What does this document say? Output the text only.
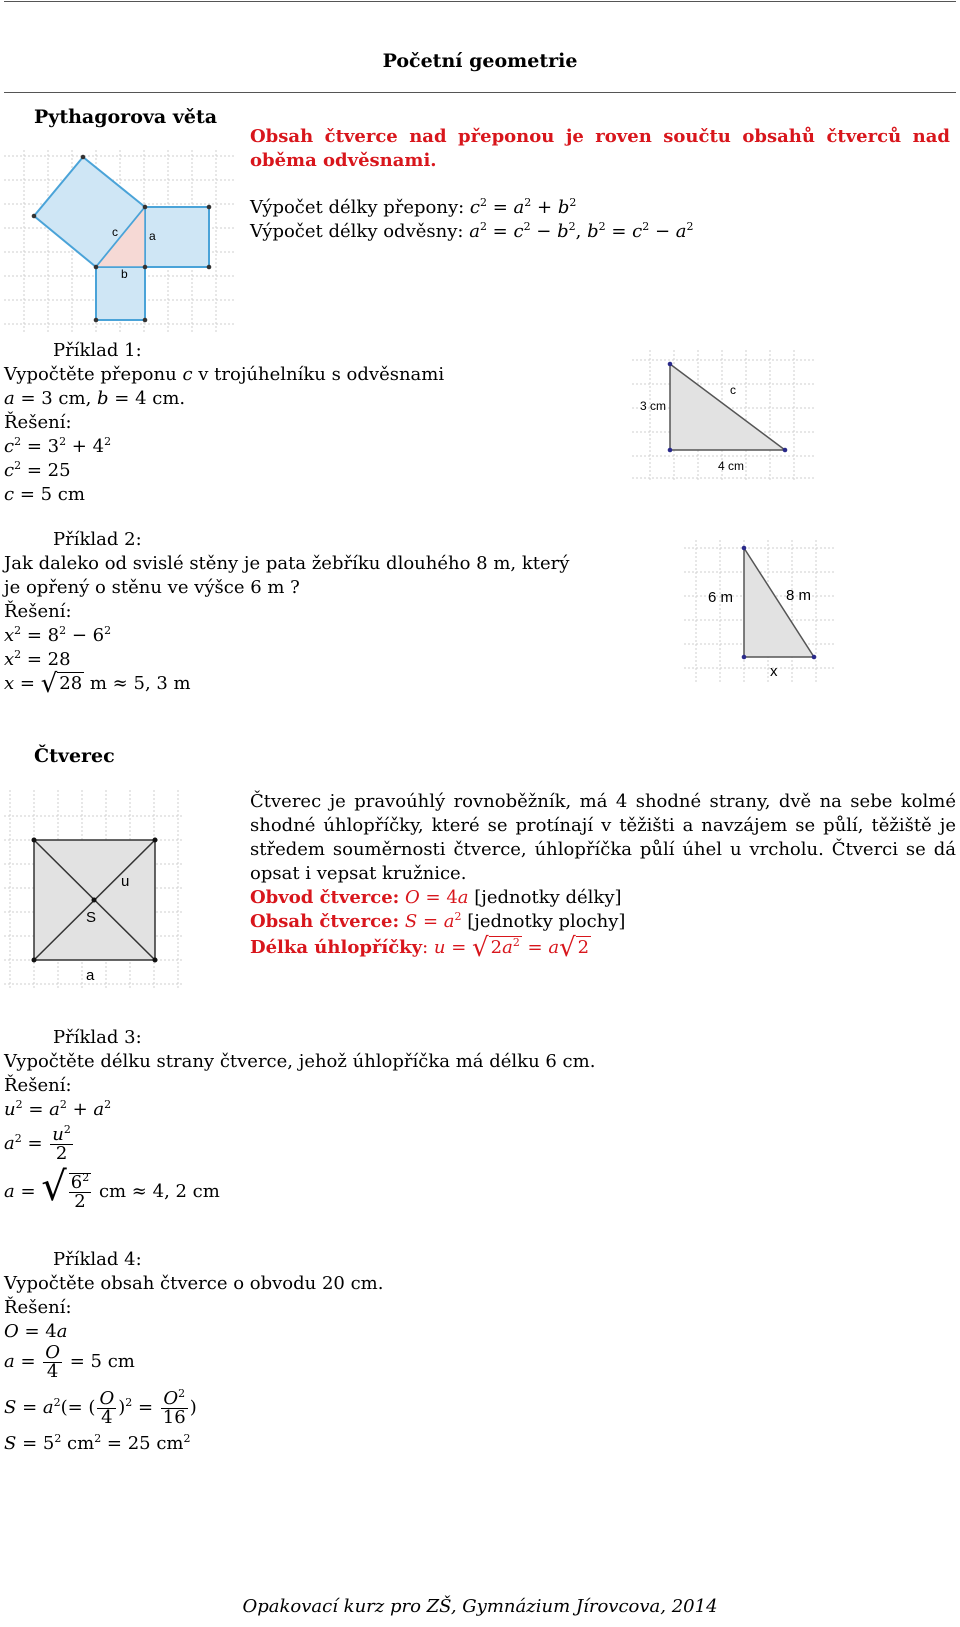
Početní geometrie
Pythagorova věta
c	a
b
Obsah čtverce nad přeponou je roven součtu obsahů čtverců nad oběma odvěsnami.
Výpočet délky přepony: $c^2 = a^2 + b^2$
Výpočet délky odvěsny: $a^2 = c^2 - b^2$, $b^2 = c^2 - a^2$
Příklad 1:
Vypočtěte přeponu c v trojúhelníku s odvěsnami
a = 3 cm, b = 4 cm.
Řešení:
$c^2 = 3^2 + 4^2$
$c^2 = 25$
c = 5 cm
3 cm
c
4 cm
Příklad 2:
Jak daleko od svislé stěny je pata žebříku dlouhého 8 m, který
je opřený o stěnu ve výšce 6 m ?
Řešení:
$x^2 = 8^2 - 6^2$
$x^2 = 28$
x = √ 28 m ≈ 5, 3 m
6 m	8 m
x
Čtverec
u
S
a
Čtverec je pravoúhlý rovnoběžník, má 4 shodné strany, dvě na sebe kolmé shodné úhlopříčky, které se protínají v těžišti a navzájem se půlí, těžiště je středem souměrnosti čtverce, úhlopříčka půlí úhel u vrcholu. Čtverci se dá opsat i vepsat kružnice.
Obvod čtverce: O = 4a [jednotky délky]
Obsah čtverce: $S = a^2$ [jednotky plochy]
Délka úhlopříčky: u = √ $2a^2 = a√$ 2
Příklad 3:
Vypočtěte délku strany čtverce, jehož úhlopříčka má délku 6 cm.
Řešení:
$u^2 = a^2 + a^2$
$a^2 = \frac{u^2}{2}$
a = √ $\frac{6^2}{2}$ cm ≈ 4, 2 cm
Příklad 4:
Vypočtěte obsah čtverce o obvodu 20 cm.
Řešení:
O = 4a
$a = \frac{O}{4} = 5$ cm
$S = a^2(=$ ( $\frac{O}{4} )^2 = \frac{O^2}{16}$ )
$S = 5^2$ $cm^2 = 25$ $cm^2$
Opakovací kurz pro ZŠ, Gymnázium Jírovcova, 2014
